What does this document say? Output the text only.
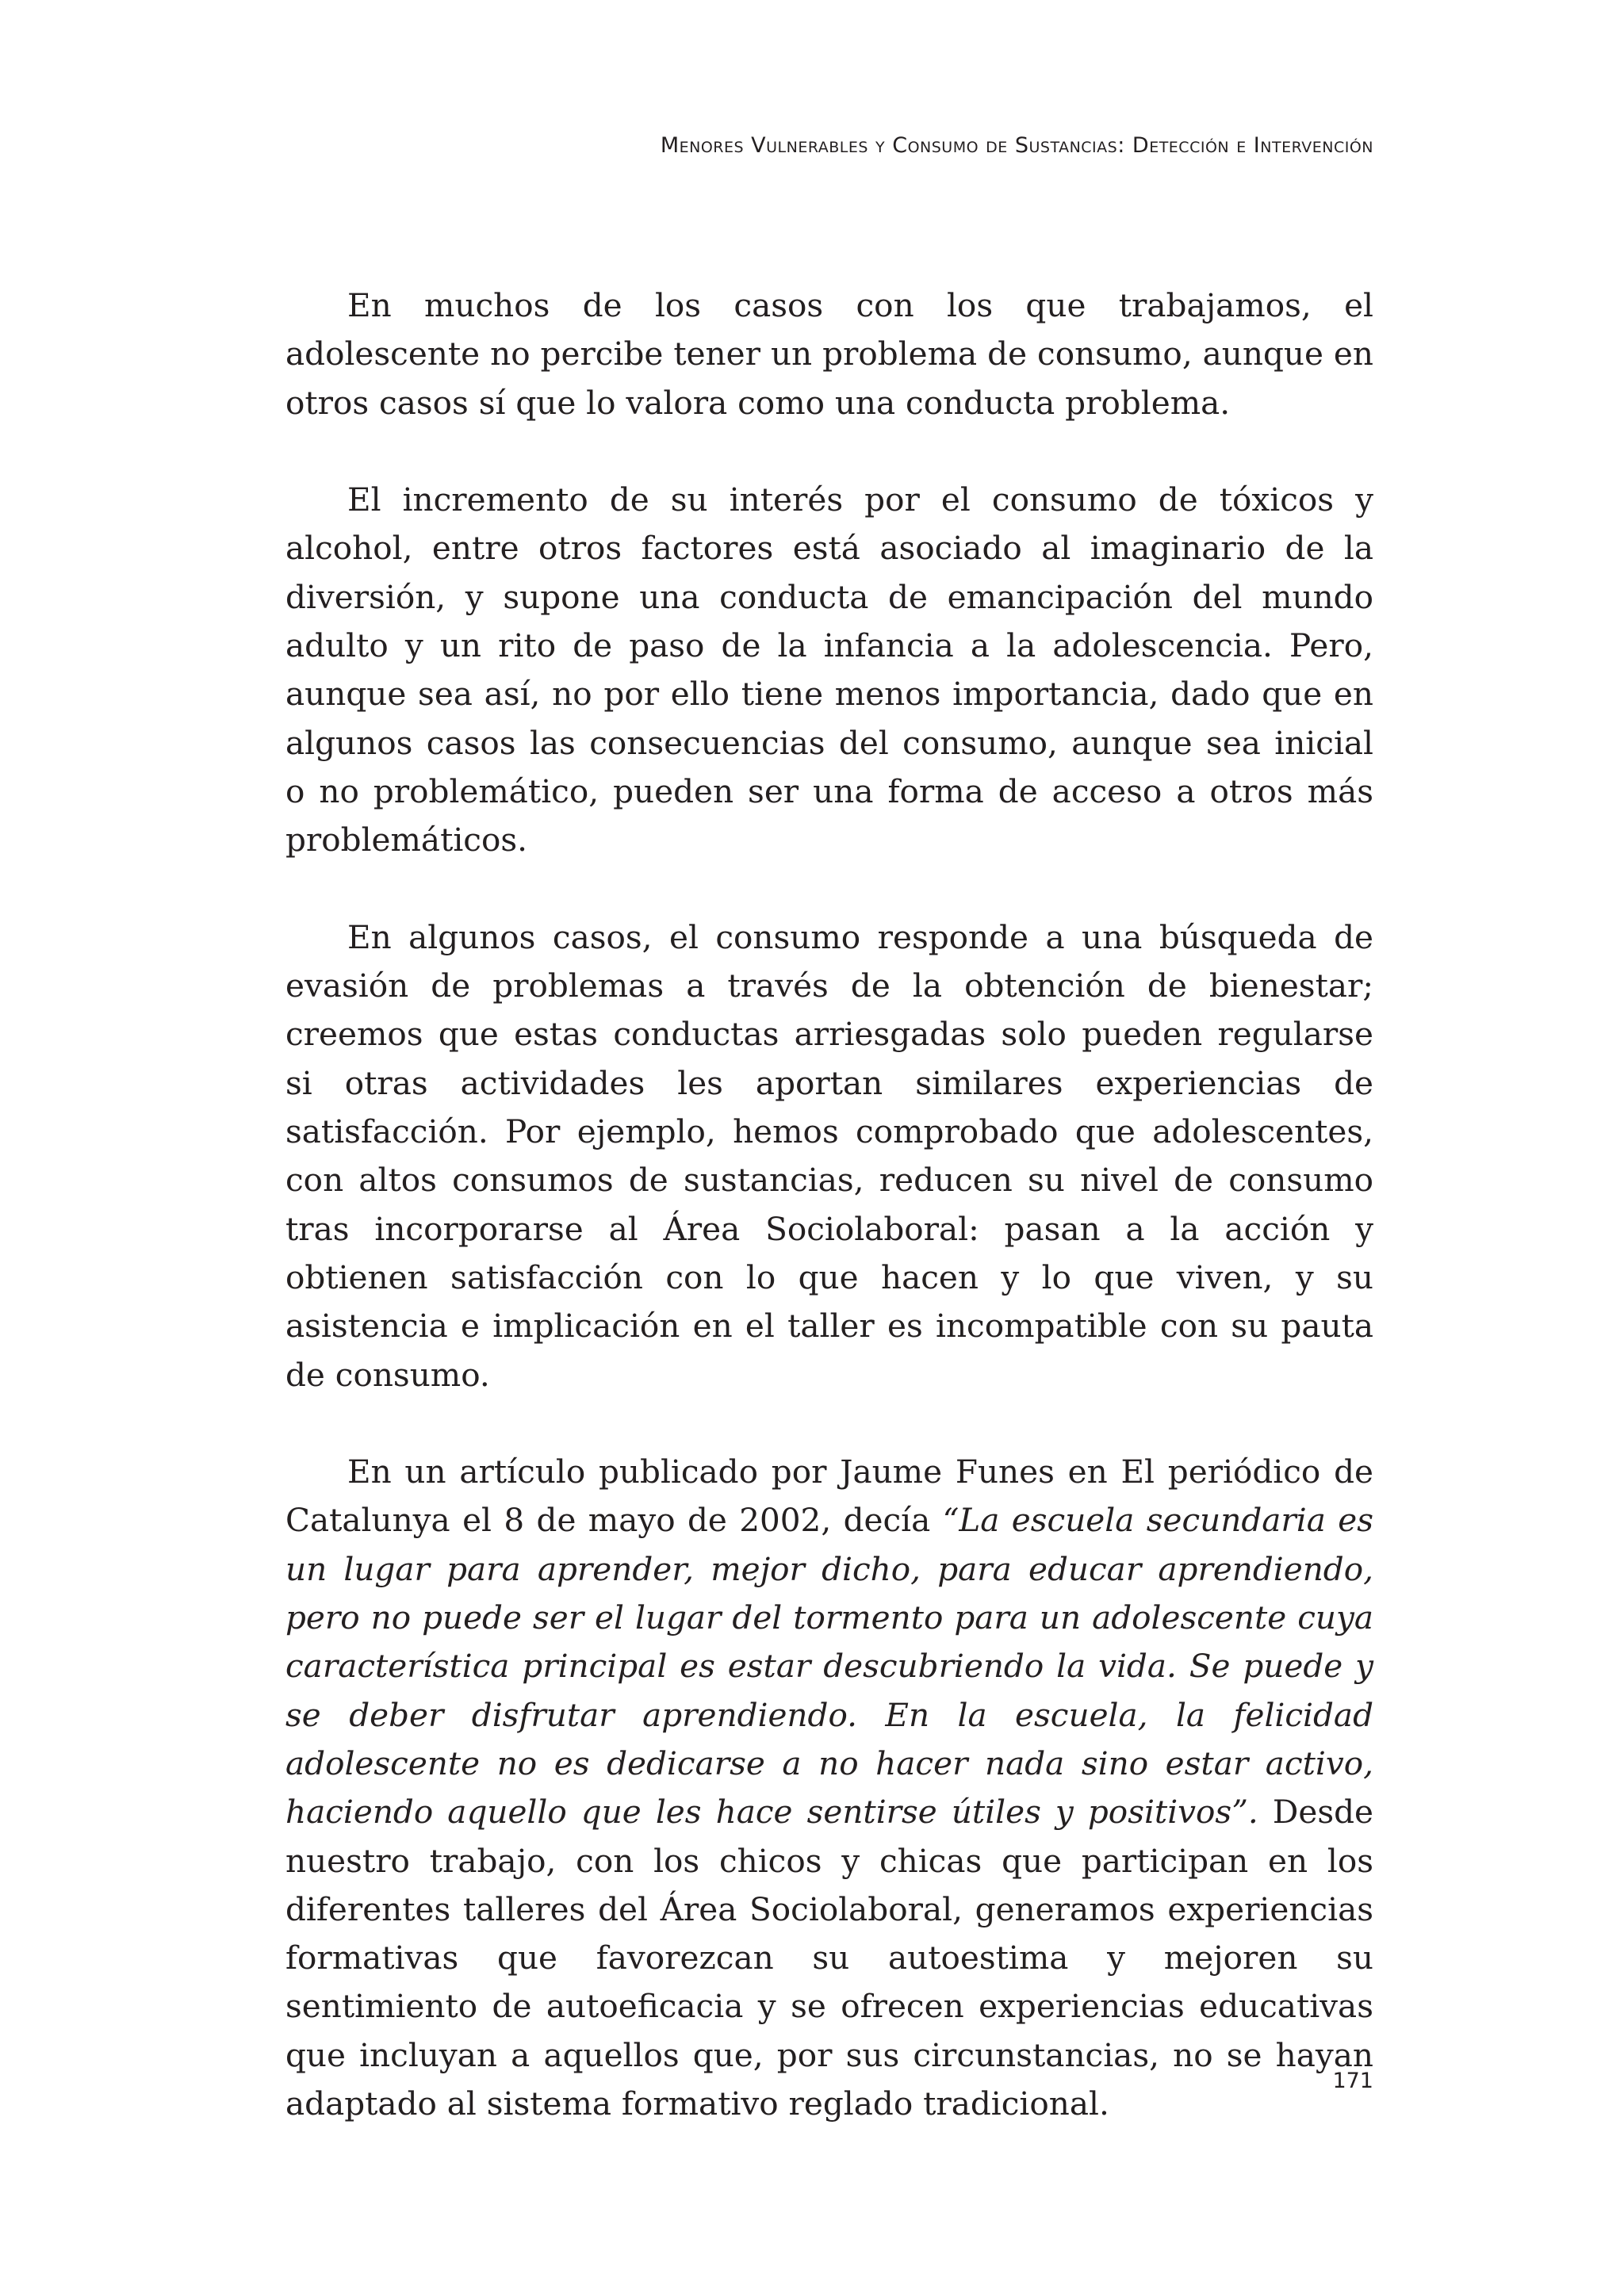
Menores Vulnerables y Consumo de Sustancias: Detección e Intervención

En muchos de los casos con los que trabajamos, el adolescente no percibe tener un problema de consumo, aunque en otros casos sí que lo valora como una conducta problema.

El incremento de su interés por el consumo de tóxicos y alcohol, entre otros factores está asociado al imaginario de la diversión, y supone una conducta de emancipación del mundo adulto y un rito de paso de la infancia a la adolescencia. Pero, aunque sea así, no por ello tiene menos importancia, dado que en algunos casos las consecuencias del consumo, aunque sea inicial o no problemático, pueden ser una forma de acceso a otros más problemáticos.

En algunos casos, el consumo responde a una búsqueda de evasión de problemas a través de la obtención de bienestar; creemos que estas conductas arriesgadas solo pueden regularse si otras actividades les aportan similares experiencias de satisfacción. Por ejemplo, hemos comprobado que adolescentes, con altos consumos de sustancias, reducen su nivel de consumo tras incorporarse al Área Sociolaboral: pasan a la acción y obtienen satisfacción con lo que hacen y lo que viven, y su asistencia e implicación en el taller es incompatible con su pauta de consumo.

En un artículo publicado por Jaume Funes en El periódico de Catalunya el 8 de mayo de 2002, decía “La escuela secundaria es un lugar para aprender, mejor dicho, para educar aprendiendo, pero no puede ser el lugar del tormento para un adolescente cuya característica principal es estar descubriendo la vida. Se puede y se deber disfrutar aprendiendo. En la escuela, la felicidad adolescente no es dedicarse a no hacer nada sino estar activo, haciendo aquello que les hace sentirse útiles y positivos”. Desde nuestro trabajo, con los chicos y chicas que participan en los diferentes talleres del Área Sociolaboral, generamos experiencias formativas que favorezcan su autoestima y mejoren su sentimiento de autoeficacia y se ofrecen experiencias educativas que incluyan a aquellos que, por sus circunstancias, no se hayan adaptado al sistema formativo reglado tradicional.

171
